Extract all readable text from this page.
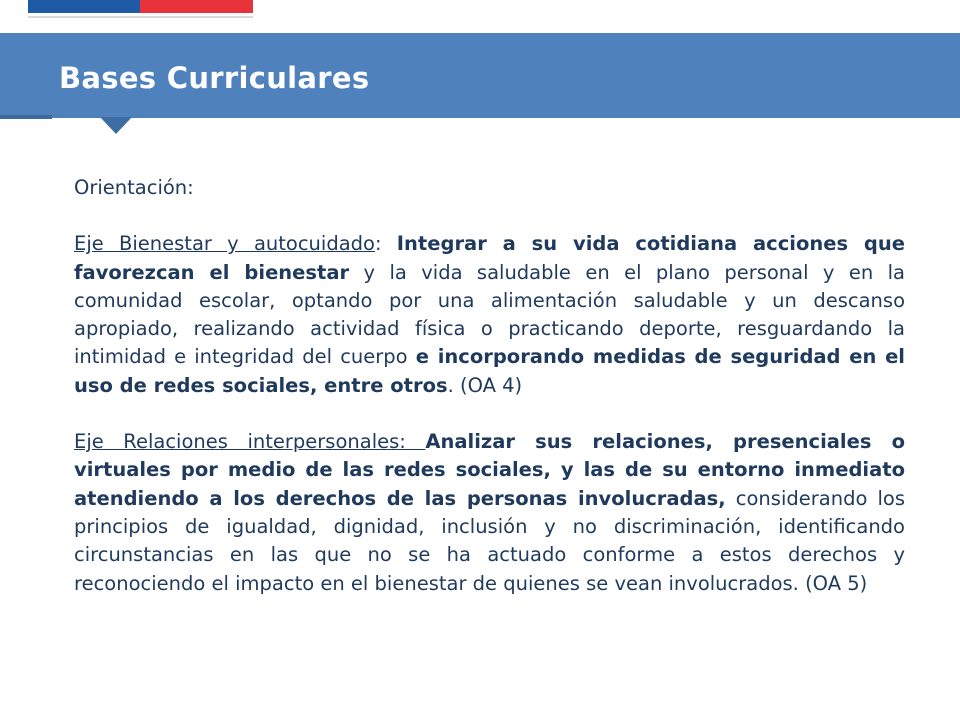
Bases Curriculares

Orientación:

Eje Bienestar y autocuidado: Integrar a su vida cotidiana acciones que favorezcan el bienestar y la vida saludable en el plano personal y en la comunidad escolar, optando por una alimentación saludable y un descanso apropiado, realizando actividad física o practicando deporte, resguardando la intimidad e integridad del cuerpo e incorporando medidas de seguridad en el uso de redes sociales, entre otros. (OA 4)

Eje Relaciones interpersonales: Analizar sus relaciones, presenciales o virtuales por medio de las redes sociales, y las de su entorno inmediato atendiendo a los derechos de las personas involucradas, considerando los principios de igualdad, dignidad, inclusión y no discriminación, identificando circunstancias en las que no se ha actuado conforme a estos derechos y reconociendo el impacto en el bienestar de quienes se vean involucrados. (OA 5)
